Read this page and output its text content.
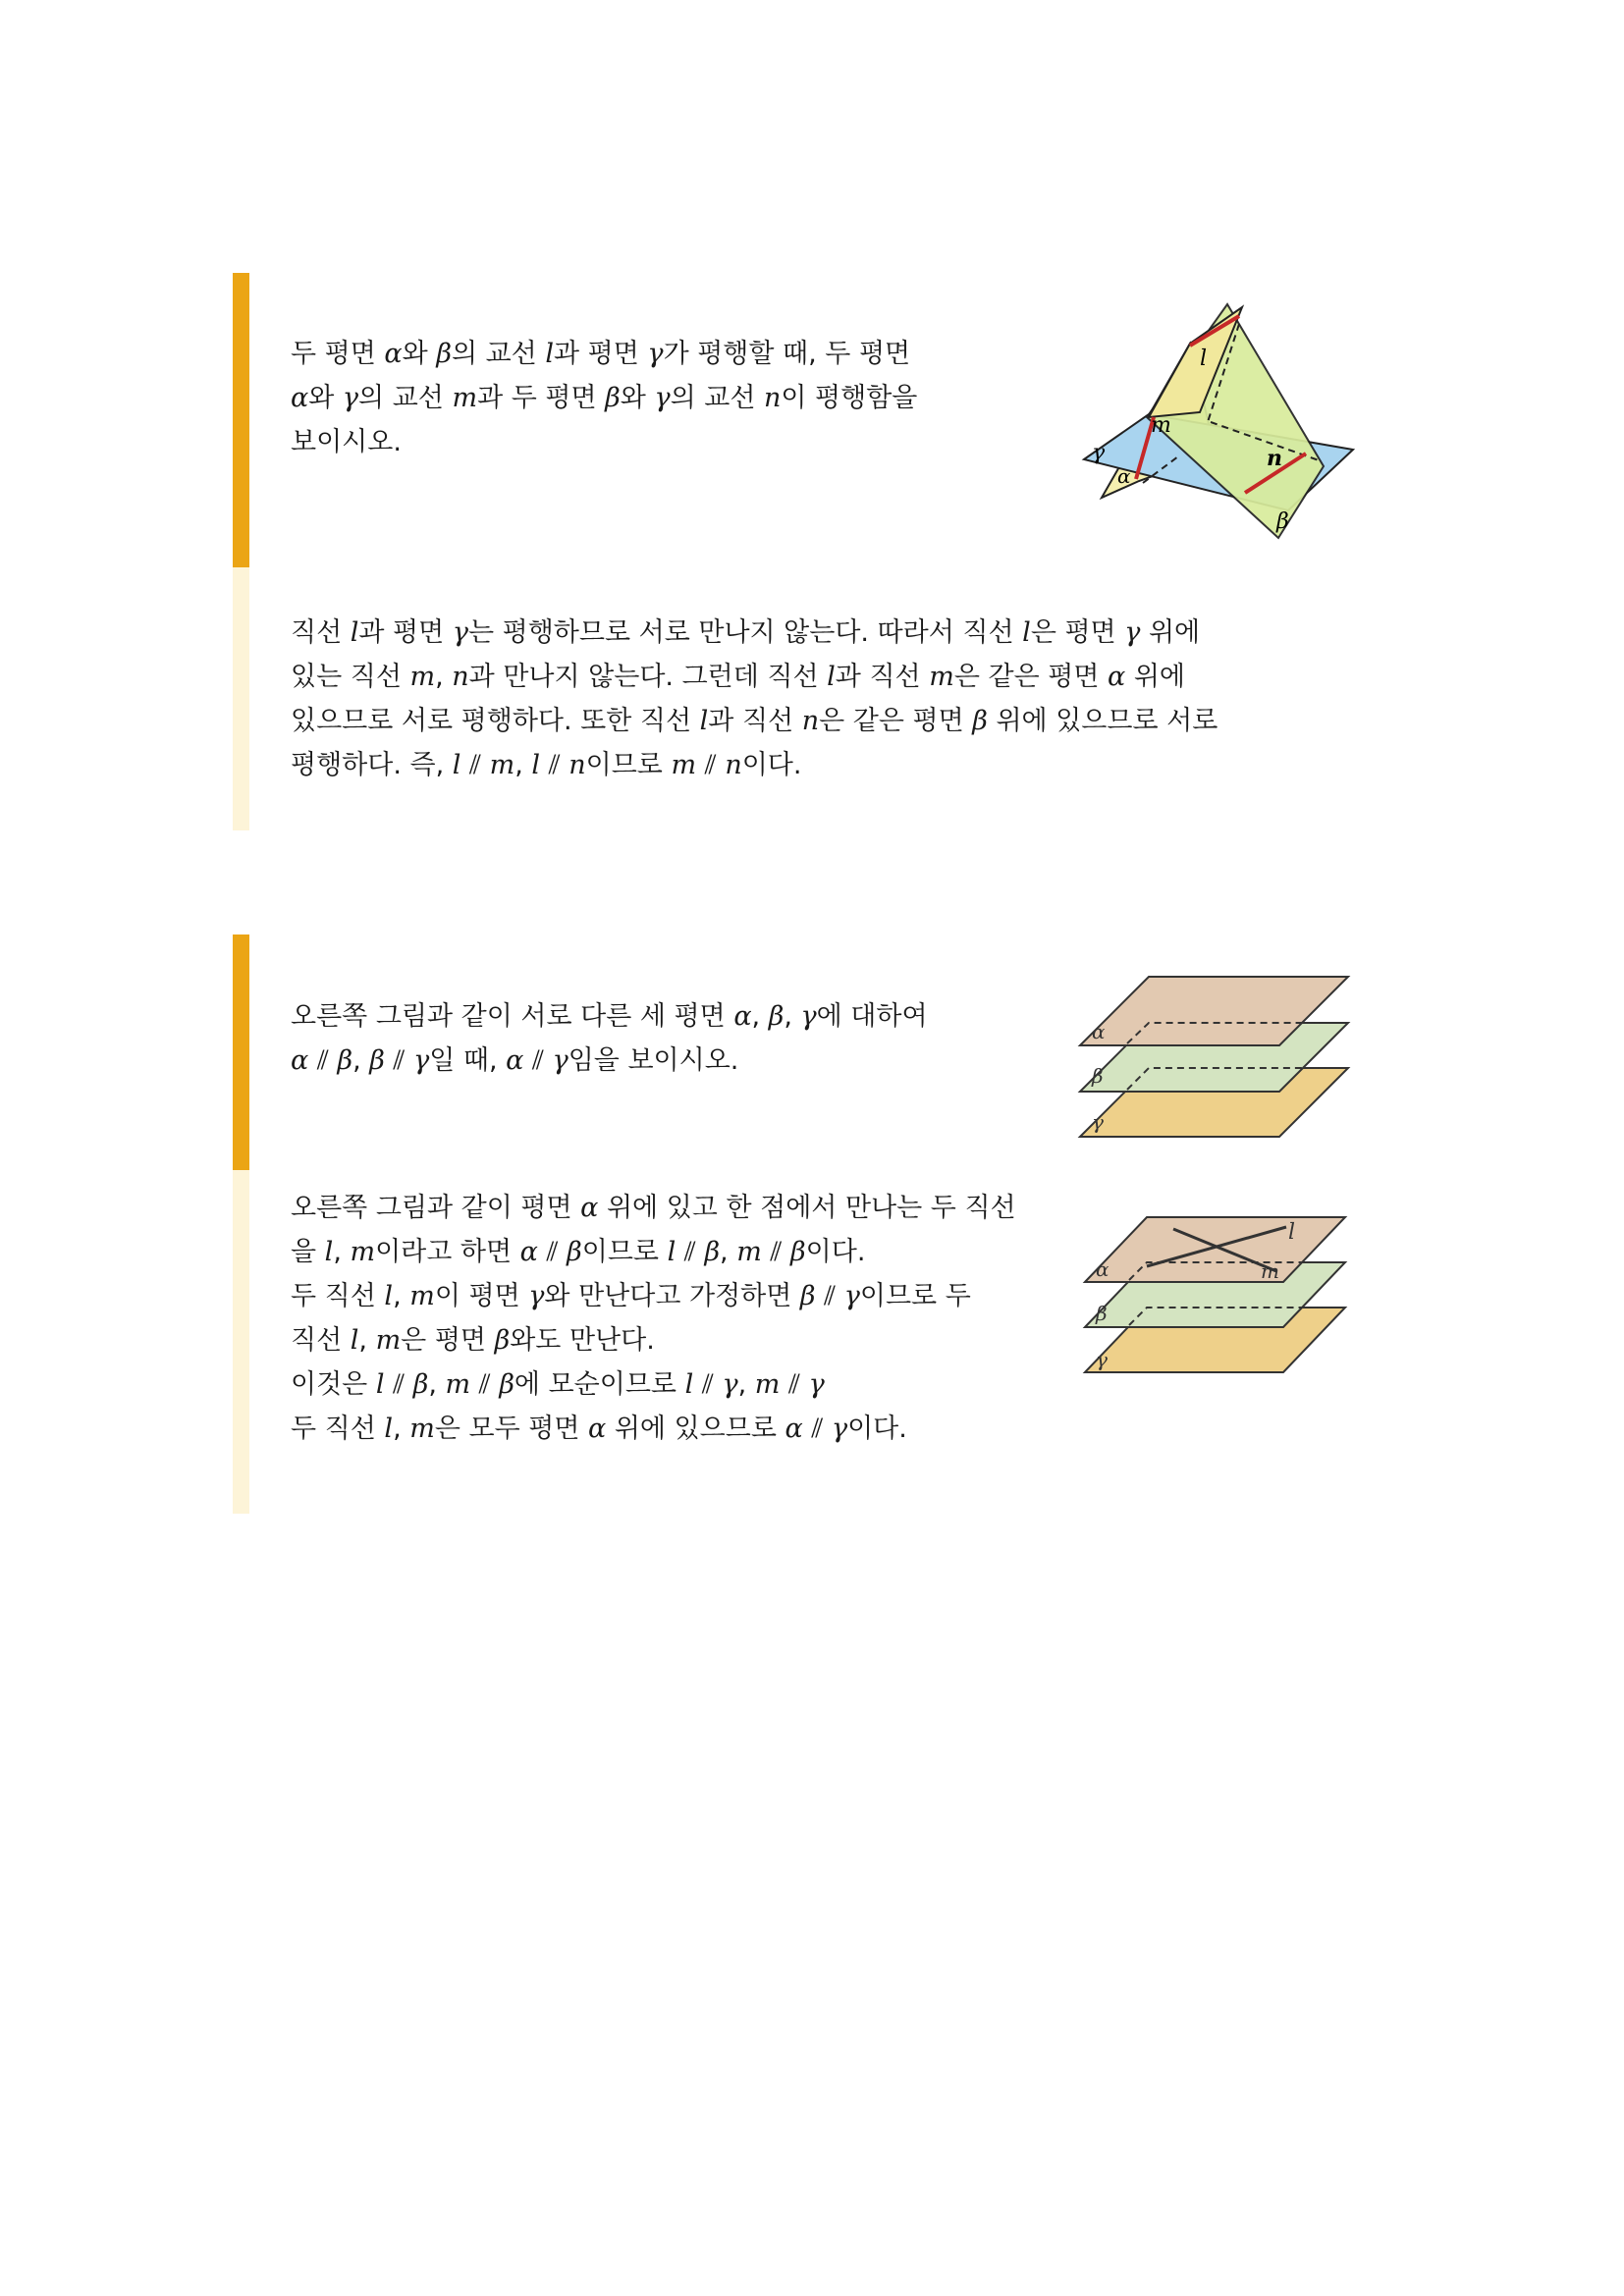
두 평면 α와 β의 교선 l과 평면 γ가 평행할 때, 두 평면

α와 γ의 교선 m과 두 평면 β와 γ의 교선 n이 평행함을

보이시오.

l
m
n
γ
α
β

직선 l과 평면 γ는 평행하므로 서로 만나지 않는다. 따라서 직선 l은 평면 γ 위에

있는 직선 m, n과 만나지 않는다. 그런데 직선 l과 직선 m은 같은 평면 α 위에

있으므로 서로 평행하다. 또한 직선 l과 직선 n은 같은 평면 β 위에 있으므로 서로

평행하다. 즉, l ⫽ m, l ⫽ n이므로 m ⫽ n이다.

오른쪽 그림과 같이 서로 다른 세 평면 α, β, γ에 대하여

α ⫽ β, β ⫽ γ일 때, α ⫽ γ임을 보이시오.

α
β
γ

오른쪽 그림과 같이 평면 α 위에 있고 한 점에서 만나는 두 직선

을 l, m이라고 하면 α ⫽ β이므로 l ⫽ β, m ⫽ β이다.

두 직선 l, m이 평면 γ와 만난다고 가정하면 β ⫽ γ이므로 두

직선 l, m은 평면 β와도 만난다.

이것은 l ⫽ β, m ⫽ β에 모순이므로 l ⫽ γ, m ⫽ γ

두 직선 l, m은 모두 평면 α 위에 있으므로 α ⫽ γ이다.

l
m
α
β
γ
